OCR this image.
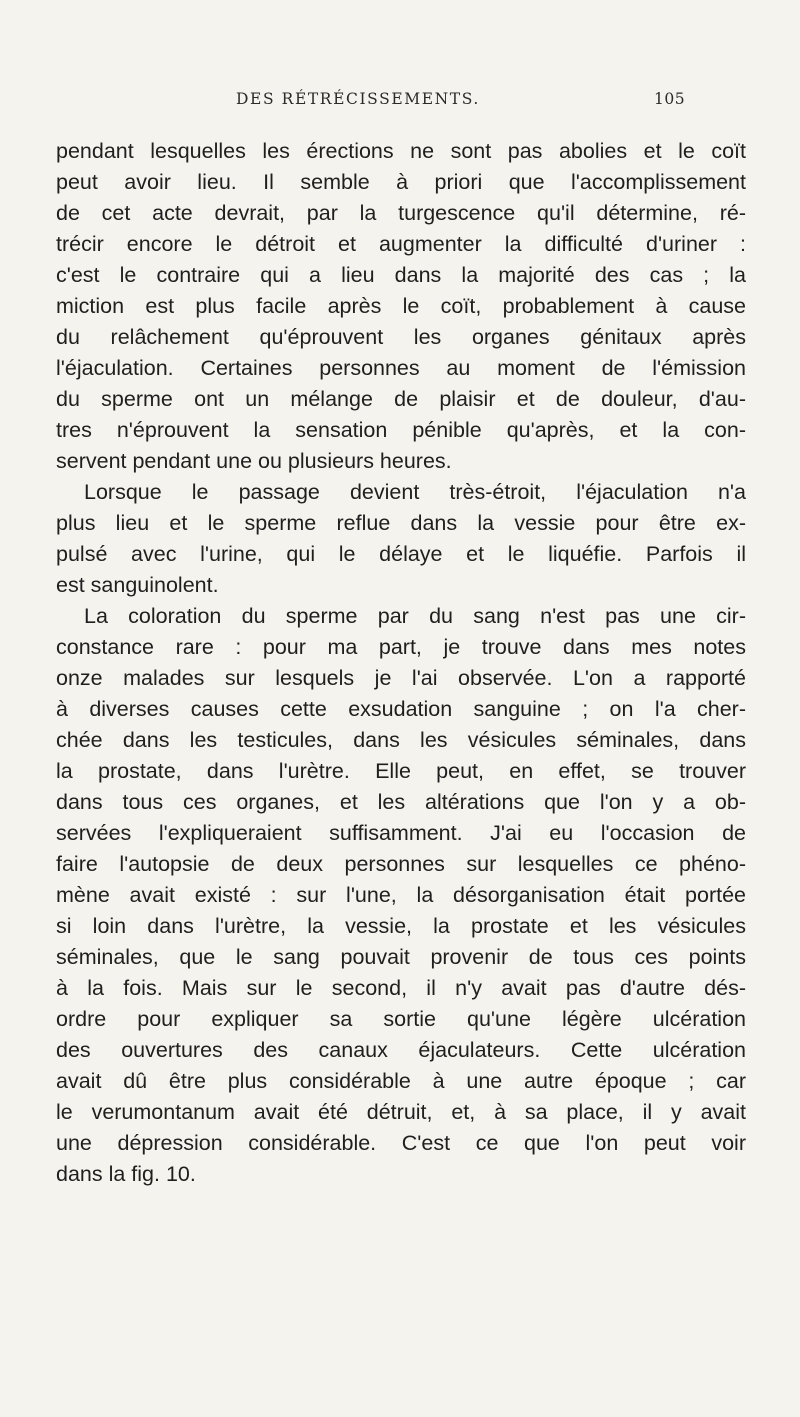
DES RÉTRÉCISSEMENTS.	105
pendant lesquelles les érections ne sont pas abolies et le coït
peut avoir lieu. Il semble à priori que l'accomplissement
de cet acte devrait, par la turgescence qu'il détermine, ré-
trécir encore le détroit et augmenter la difficulté d'uriner :
c'est le contraire qui a lieu dans la majorité des cas ; la
miction est plus facile après le coït, probablement à cause
du relâchement qu'éprouvent les organes génitaux après
l'éjaculation. Certaines personnes au moment de l'émission
du sperme ont un mélange de plaisir et de douleur, d'au-
tres n'éprouvent la sensation pénible qu'après, et la con-
servent pendant une ou plusieurs heures.
Lorsque le passage devient très-étroit, l'éjaculation n'a
plus lieu et le sperme reflue dans la vessie pour être ex-
pulsé avec l'urine, qui le délaye et le liquéfie. Parfois il
est sanguinolent.
La coloration du sperme par du sang n'est pas une cir-
constance rare : pour ma part, je trouve dans mes notes
onze malades sur lesquels je l'ai observée. L'on a rapporté
à diverses causes cette exsudation sanguine ; on l'a cher-
chée dans les testicules, dans les vésicules séminales, dans
la prostate, dans l'urètre. Elle peut, en effet, se trouver
dans tous ces organes, et les altérations que l'on y a ob-
servées l'expliqueraient suffisamment. J'ai eu l'occasion de
faire l'autopsie de deux personnes sur lesquelles ce phéno-
mène avait existé : sur l'une, la désorganisation était portée
si loin dans l'urètre, la vessie, la prostate et les vésicules
séminales, que le sang pouvait provenir de tous ces points
à la fois. Mais sur le second, il n'y avait pas d'autre dés-
ordre pour expliquer sa sortie qu'une légère ulcération
des ouvertures des canaux éjaculateurs. Cette ulcération
avait dû être plus considérable à une autre époque ; car
le verumontanum avait été détruit, et, à sa place, il y avait
une dépression considérable. C'est ce que l'on peut voir
dans la fig. 10.
